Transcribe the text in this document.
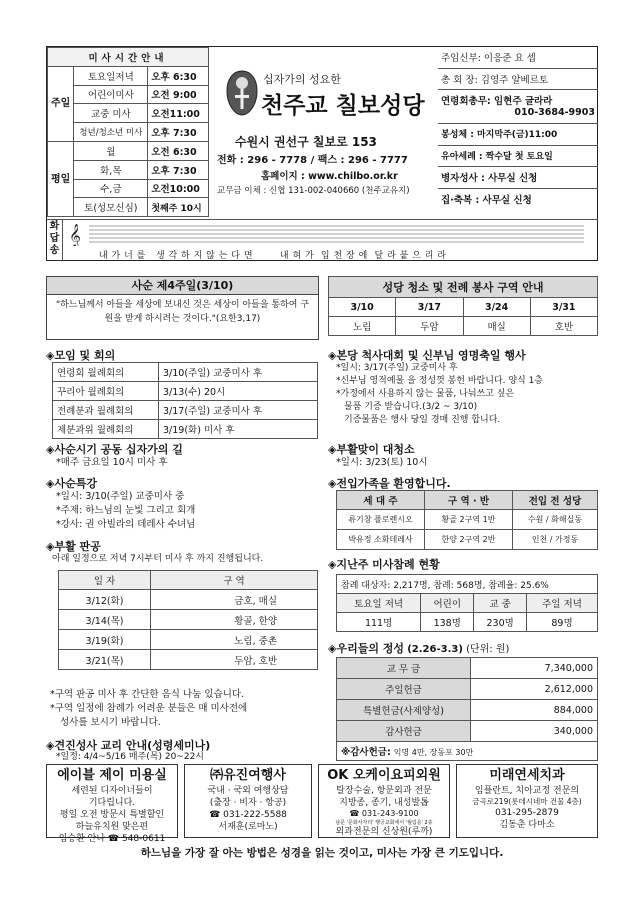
미사시간안내		
주일	토요일저녁	오후 6:30
	어린이미사	오전 9:00
	교중 미사	오전11:00
	청년/청소년 미사	오후 7:30
평일	월	오전 6:30
	화,목	오후 7:30
	수,금	오전10:00
	토(성모신심)	첫째주 10시
십자가의 성요한
천주교 칠보성당
수원시 권선구 칠보로 153
전화 : 296 - 7778 / 팩스 : 296 - 7777
홈페이지 : www.chilbo.or.kr
교무금 이체 : 신협 131-002-040660 (천주교유지)
주임신부: 이응준 요 셉
총 회 장: 김영주 알베르토
연령회총무: 임현주 글라라
010-3684-9903
봉성체 : 마지막주(금)11:00
유아세례 : 짝수달 첫 토요일
병자성사 : 사무실 신청
집·축복 : 사무실 신청
화답송
𝄞
내 가 너 를   생 각 하 지 않 는 다 면        내 혀 가  입 천 장 에  달 라 붙 으 리 라
사순 제4주일(3/10)
"하느님께서 아들을 세상에 보내신 것은 세상이 아들을 통하여 구원을 받게 하시려는 것이다."(요한3,17)
성당 청소 및 전례 봉사 구역 안내			
3/10	3/17	3/24	3/31
노림	두암	매실	호반
◈모임 및 회의
연령회 월례회의	3/10(주일) 교중미사 후
꾸리아 월례회의	3/13(수) 20시
전례분과 월례회의	3/17(주일) 교중미사 후
제분과위 월례회의	3/19(화) 미사 후
◈사순시기 공동 십자가의 길
*매주 금요일 10시 미사 후
◈사순특강
*일시: 3/10(주일) 교중미사 중
*주제: 하느님의 눈빛 그리고 회개
*강사: 권 아빌라의 데레사 수녀님
◈부활 판공
아래 일정으로 저녁 7시부터 미사 후 까지 진행됩니다.
일 자	구 역
3/12(화)	금호, 매실
3/14(목)	황골, 한양
3/19(화)	노림, 중촌
3/21(목)	두암, 호반
*구역 판공 미사 후 간단한 음식 나눔 있습니다.
*구역 일정에 참례가 어려운 분들은 매 미사전에
성사를 보시기 바랍니다.
◈견진성사 교리 안내(성령세미나)
*일정: 4/4~5/16 매주(목) 20~22시
◈본당 척사대회 및 신부님 영명축일 행사
*일시: 3/17(주일) 교중미사 후
*신부님 영적예물 을 정성껏 봉헌 바랍니다. 양식 1층
*가정에서 사용하지 않는 물품, 나눠쓰고 싶은
물품 기증 받습니다.(3/2 ~ 3/10)
기증물품은 행사 당일 경매 진행 합니다.
◈부활맞이 대청소
*일시: 3/23(토) 10시
◈전입가족을 환영합니다.
세 대 주	구 역 · 반	전입 전 성당
류기창 플로렌시오	황골 2구역 1반	수원 / 화해실동
박유정 소화데레사	한양 2구역 2반	인천 / 가정동
◈지난주 미사참례 현황
참례 대상자: 2,217명, 참례: 568명, 참례율: 25.6%			
토요일 저녁	어린이	교 중	주일 저녁
111명	138명	230명	89명
◈우리들의 정성 (2.26-3.3) (단위: 원)
교 무 금	7,340,000
주일헌금	2,612,000
특별헌금(사제양성)	884,000
감사헌금	340,000
※감사헌금: 익명 4만, 장동포 30만	
에이블 제이 미용실
세련된 디자이너들이
기다립니다.
평일 오전 방문시 특별할인
하늘유치원 맞은편
임승환 안나 ☎ 548-0611
㈜유진여행사
국내 · 국외 여행상담
(출장 · 비자 · 항공)
☎ 031-222-5588
서재훈(로마노)
OK 오케이요피외원
탈장수술, 항문외과 전문
지방종, 종기, 내성발톱
☎ 031-243-9100
남문 '문화사자리' 행궁교회에서 '월림를' 2층
외과전문의 신상원(루까)
미래연세치과
임플란트, 치아교정 전문의
금곡로219(롯데시네마 건물 4층)
031-295-2879
김동춘 다마소
하느님을 가장 잘 아는 방법은 성경을 읽는 것이고, 미사는 가장 큰 기도입니다.
